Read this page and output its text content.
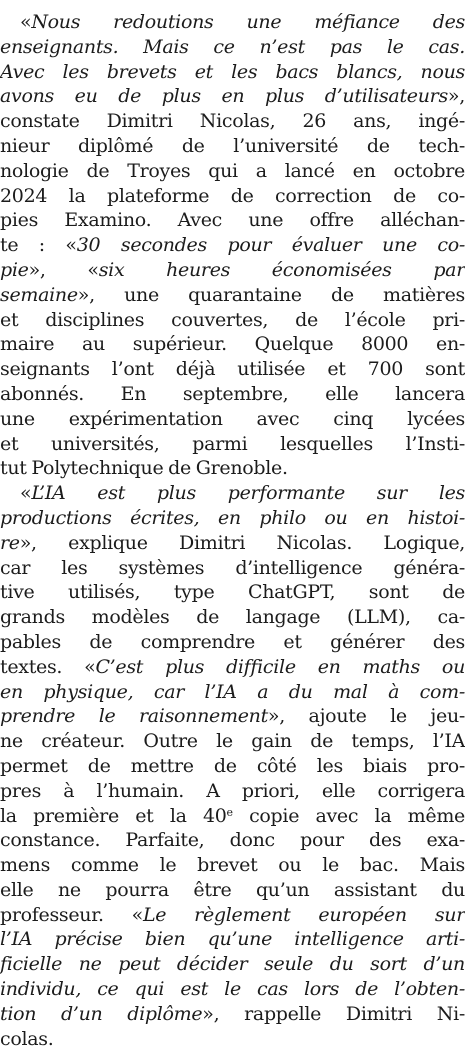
«Nous redoutions une méfiance des
enseignants. Mais ce n’est pas le cas.
Avec les brevets et les bacs blancs, nous
avons eu de plus en plus d’utilisateurs»,
constate Dimitri Nicolas, 26 ans, ingé-
nieur diplômé de l’université de tech-
nologie de Troyes qui a lancé en octobre
2024 la plateforme de correction de co-
pies Examino. Avec une offre alléchan-
te : «30 secondes pour évaluer une co-
pie», «six heures économisées par
semaine», une quarantaine de matières
et disciplines couvertes, de l’école pri-
maire au supérieur. Quelque 8000 en-
seignants l’ont déjà utilisée et 700 sont
abonnés. En septembre, elle lancera
une expérimentation avec cinq lycées
et universités, parmi lesquelles l’Insti-
tut Polytechnique de Grenoble.
«L’IA est plus performante sur les
productions écrites, en philo ou en histoi-
re», explique Dimitri Nicolas. Logique,
car les systèmes d’intelligence généra-
tive utilisés, type ChatGPT, sont de
grands modèles de langage (LLM), ca-
pables de comprendre et générer des
textes. «C’est plus difficile en maths ou
en physique, car l’IA a du mal à com-
prendre le raisonnement», ajoute le jeu-
ne créateur. Outre le gain de temps, l’IA
permet de mettre de côté les biais pro-
pres à l’humain. A priori, elle corrigera
la première et la 40e copie avec la même
constance. Parfaite, donc pour des exa-
mens comme le brevet ou le bac. Mais
elle ne pourra être qu’un assistant du
professeur. «Le règlement européen sur
l’IA précise bien qu’une intelligence arti-
ficielle ne peut décider seule du sort d’un
individu, ce qui est le cas lors de l’obten-
tion d’un diplôme», rappelle Dimitri Ni-
colas.
